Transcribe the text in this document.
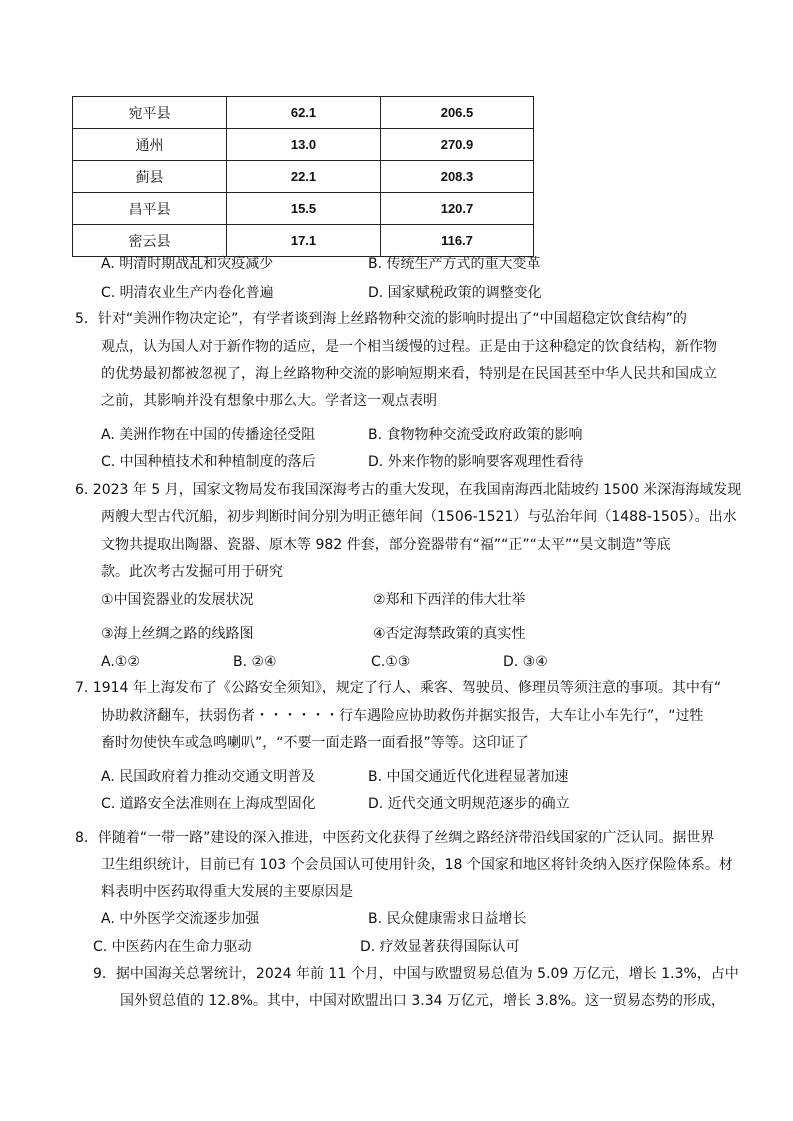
宛平县	62.1	206.5
通州	13.0	270.9
蓟县	22.1	208.3
昌平县	15.5	120.7
密云县	17.1	116.7
A. 明清时期战乱和灾疫减少	B. 传统生产方式的重大变革
C. 明清农业生产内卷化普遍	D. 国家赋税政策的调整变化
5．针对“美洲作物决定论”，有学者谈到海上丝路物种交流的影响时提出了“中国超稳定饮食结构”的
观点，认为国人对于新作物的适应，是一个相当缓慢的过程。正是由于这种稳定的饮食结构，新作物
的优势最初都被忽视了，海上丝路物种交流的影响短期来看，特别是在民国甚至中华人民共和国成立
之前，其影响并没有想象中那么大。学者这一观点表明
A. 美洲作物在中国的传播途径受阻	B. 食物物种交流受政府政策的影响
C. 中国种植技术和种植制度的落后	D. 外来作物的影响要客观理性看待
6. 2023 年 5 月，国家文物局发布我国深海考古的重大发现，在我国南海西北陆坡约 1500 米深海海域发现
两艘大型古代沉船，初步判断时间分别为明正德年间（1506-1521）与弘治年间（1488-1505）。出水
文物共提取出陶器、瓷器、原木等 982 件套，部分瓷器带有“福”“正”“太平”“昊文制造”等底
款。此次考古发掘可用于研究
①中国瓷器业的发展状况	②郑和下西洋的伟大壮举
③海上丝绸之路的线路图	④否定海禁政策的真实性
A.①②	B. ②④	C.①③	D. ③④
7. 1914 年上海发布了《公路安全须知》，规定了行人、乘客、驾驶员、修理员等须注意的事项。其中有“
协助救济翻车，扶弱伤者・・・・・・行车遇险应协助救伤并据实报告，大车让小车先行”，“过牲
畜时勿使快车或急鸣喇叭”，“不要一面走路一面看报”等等。这印证了
A. 民国政府着力推动交通文明普及	B. 中国交通近代化进程显著加速
C. 道路安全法准则在上海成型固化	D. 近代交通文明规范逐步的确立
8．伴随着“一带一路”建设的深入推进，中医药文化获得了丝绸之路经济带沿线国家的广泛认同。据世界
卫生组织统计，目前已有 103 个会员国认可使用针灸，18 个国家和地区将针灸纳入医疗保险体系。材
料表明中医药取得重大发展的主要原因是
A. 中外医学交流逐步加强	B. 民众健康需求日益增长
C. 中医药内在生命力驱动	D. 疗效显著获得国际认可
9．据中国海关总署统计，2024 年前 11 个月，中国与欧盟贸易总值为 5.09 万亿元，增长 1.3%，占中
国外贸总值的 12.8%。其中，中国对欧盟出口 3.34 万亿元，增长 3.8%。这一贸易态势的形成，
